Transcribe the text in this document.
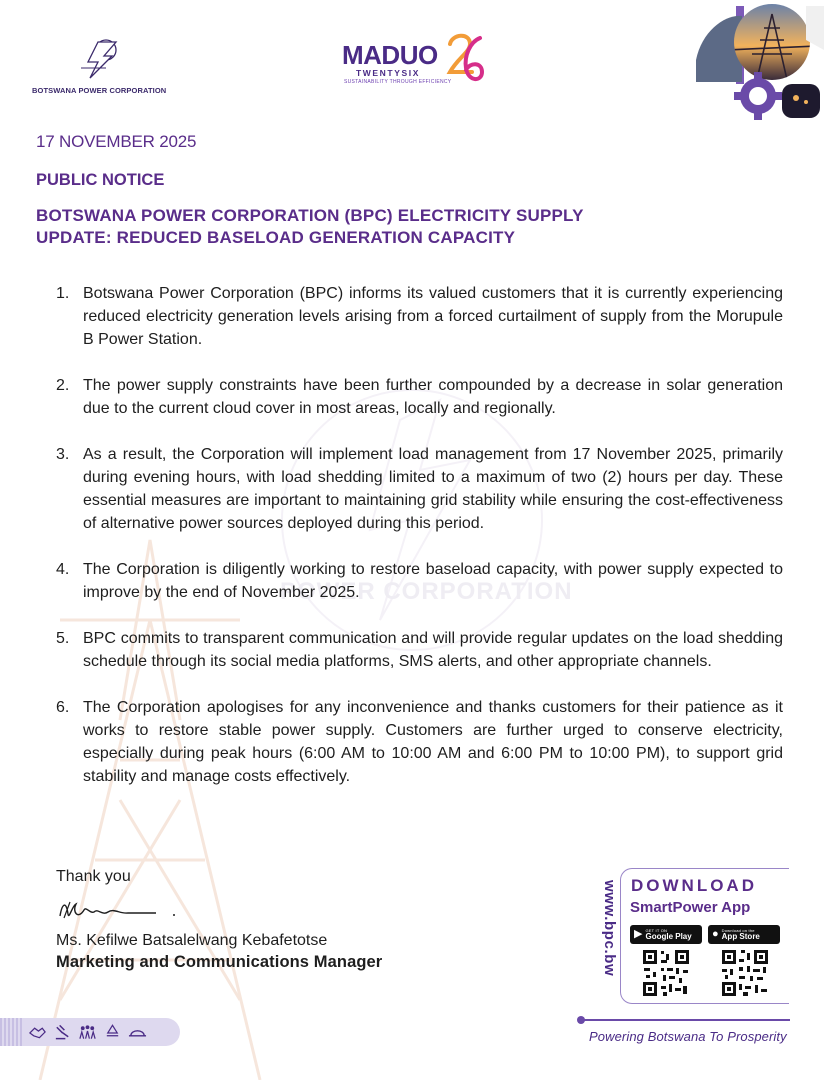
POWER CORPORATION
BOTSWANA POWER CORPORATION
MADUO
TWENTYSIX
SUSTAINABILITY THROUGH EFFICIENCY
17 NOVEMBER 2025
PUBLIC NOTICE
BOTSWANA POWER CORPORATION (BPC) ELECTRICITY SUPPLY
UPDATE: REDUCED BASELOAD GENERATION CAPACITY
1. Botswana Power Corporation (BPC) informs its valued customers that it is currently experiencing reduced electricity generation levels arising from a forced curtailment of supply from the Morupule B Power Station.
2. The power supply constraints have been further compounded by a decrease in solar generation due to the current cloud cover in most areas, locally and regionally.
3. As a result, the Corporation will implement load management from 17 November 2025, primarily during evening hours, with load shedding limited to a maximum of two (2) hours per day. These essential measures are important to maintaining grid stability while ensuring the cost-effectiveness of alternative power sources deployed during this period.
4. The Corporation is diligently working to restore baseload capacity, with power supply expected to improve by the end of November 2025.
5. BPC commits to transparent communication and will provide regular updates on the load shedding schedule through its social media platforms, SMS alerts, and other appropriate channels.
6. The Corporation apologises for any inconvenience and thanks customers for their patience as it works to restore stable power supply. Customers are further urged to conserve electricity, especially during peak hours (6:00 AM to 10:00 AM and 6:00 PM to 10:00 PM), to support grid stability and manage costs effectively.
Thank you
Ms. Kefilwe Batsalelwang Kebafetotse
Marketing and Communications Manager	www.bpc.bw DOWNLOAD
SmartPower App
▶ GET IT ON
Google Play ● Download on the
App Store
Powering Botswana To Prosperity
